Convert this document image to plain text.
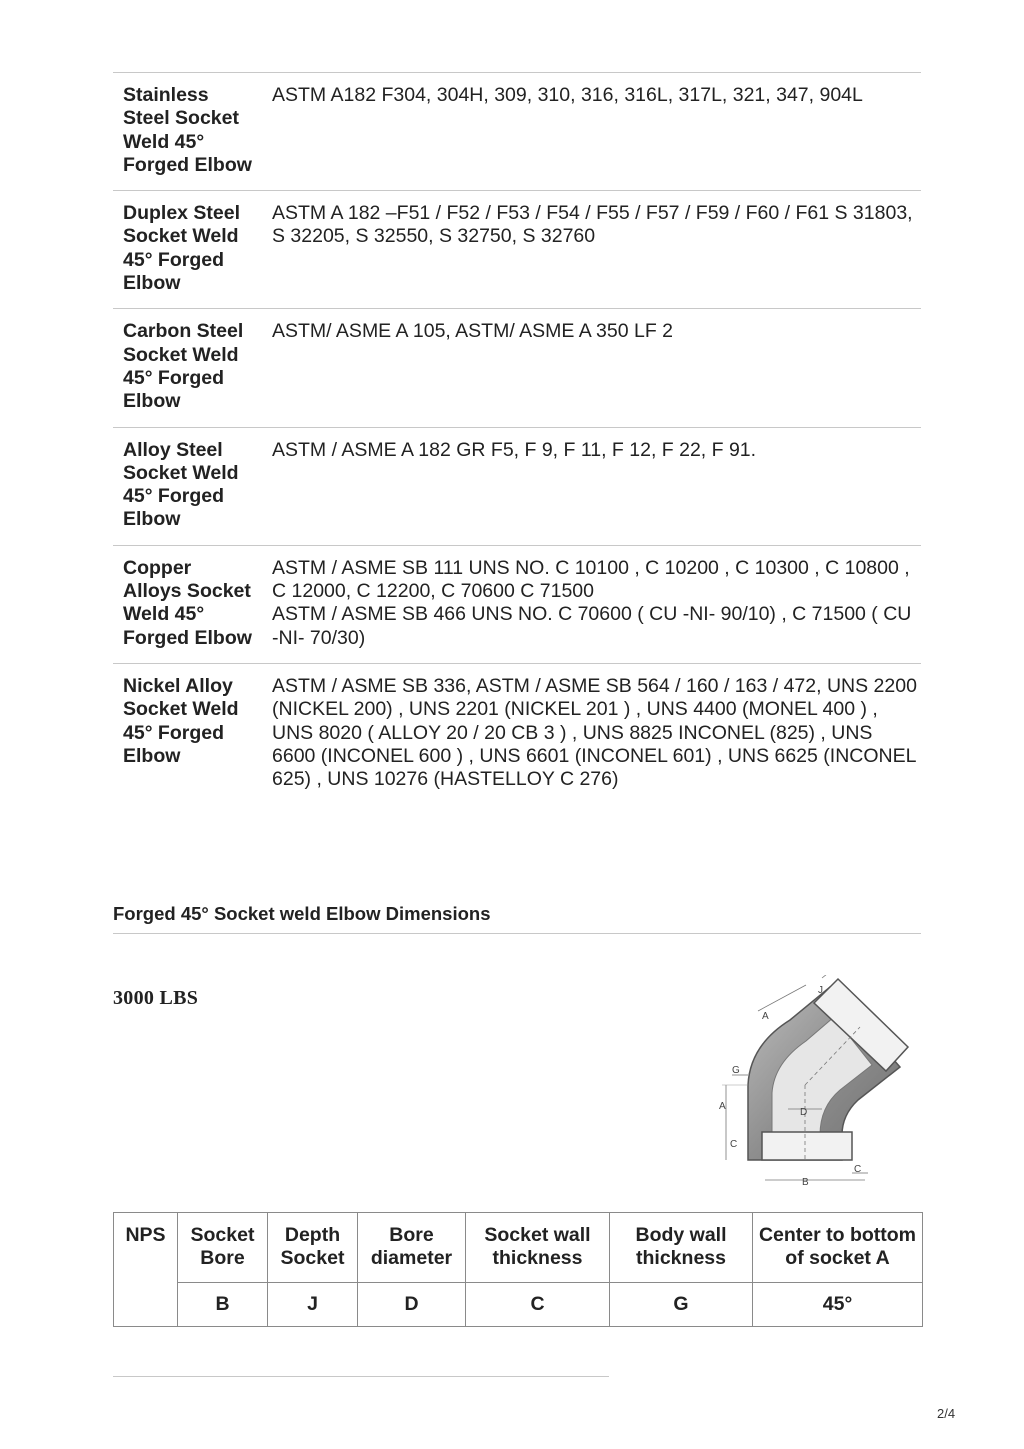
Stainless Steel Socket Weld 45° Forged Elbow	ASTM A182 F304, 304H, 309, 310, 316, 316L, 317L, 321, 347, 904L

Duplex Steel Socket Weld 45° Forged Elbow	ASTM A 182 –F51 / F52 / F53 / F54 / F55 / F57 / F59 / F60 / F61 S 31803, S 32205, S 32550, S 32750, S 32760

Carbon Steel Socket Weld 45° Forged Elbow	ASTM/ ASME A 105, ASTM/ ASME A 350 LF 2

Alloy Steel Socket Weld 45° Forged Elbow	ASTM / ASME A 182 GR F5, F 9, F 11, F 12, F 22, F 91.

Copper Alloys Socket Weld 45° Forged Elbow	ASTM / ASME SB 111 UNS NO. C 10100 , C 10200 , C 10300 , C 10800 , C 12000, C 12200, C 70600 C 71500
ASTM / ASME SB 466 UNS NO. C 70600 ( CU -NI- 90/10) , C 71500 ( CU -NI- 70/30)

Nickel Alloy Socket Weld 45° Forged Elbow	ASTM / ASME SB 336, ASTM / ASME SB 564 / 160 / 163 / 472, UNS 2200 (NICKEL 200) , UNS 2201 (NICKEL 201 ) , UNS 4400 (MONEL 400 ) , UNS 8020 ( ALLOY 20 / 20 CB 3 ) , UNS 8825 INCONEL (825) , UNS 6600 (INCONEL 600 ) , UNS 6601 (INCONEL 601) , UNS 6625 (INCONEL 625) , UNS 10276 (HASTELLOY C 276)
Forged 45° Socket weld Elbow Dimensions
3000 LBS	J
A
G
A
D
C
B
C
NPS	Socket Bore	Depth Socket	Bore diameter	Socket wall thickness	Body wall thickness	Center to bottom of socket A
	B	J	D	C	G	45°
2/4
